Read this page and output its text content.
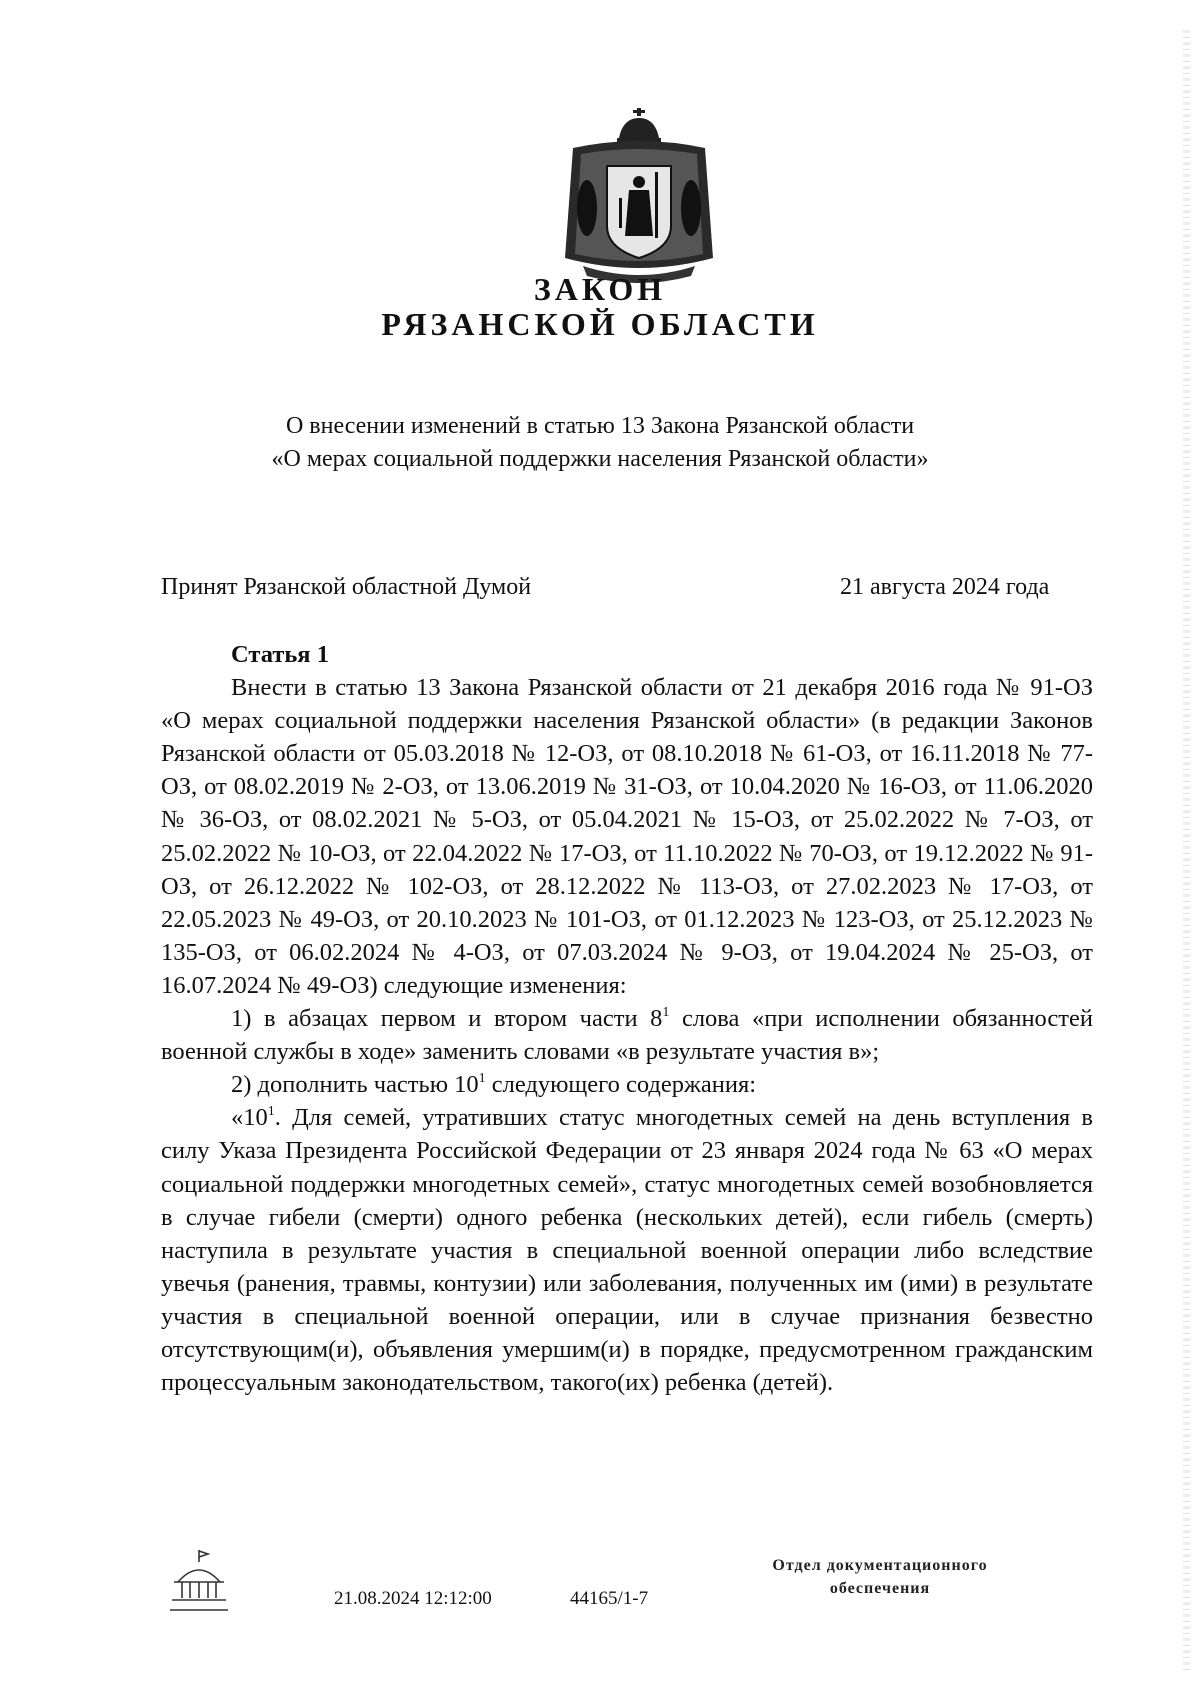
ЗАКОН
РЯЗАНСКОЙ ОБЛАСТИ
О внесении изменений в статью 13 Закона Рязанской области
«О мерах социальной поддержки населения Рязанской области»
Принят Рязанской областной Думой	21 августа 2024 года

Статья 1

Внести в статью 13 Закона Рязанской области от 21 декабря 2016 года № 91-ОЗ «О мерах социальной поддержки населения Рязанской области» (в редакции Законов Рязанской области от 05.03.2018 № 12-ОЗ, от 08.10.2018 № 61-ОЗ, от 16.11.2018 № 77-ОЗ, от 08.02.2019 № 2-ОЗ, от 13.06.2019 № 31-ОЗ, от 10.04.2020 № 16-ОЗ, от 11.06.2020 № 36-ОЗ, от 08.02.2021 № 5-ОЗ, от 05.04.2021 № 15-ОЗ, от 25.02.2022 № 7-ОЗ, от 25.02.2022 № 10-ОЗ, от 22.04.2022 № 17-ОЗ, от 11.10.2022 № 70-ОЗ, от 19.12.2022 № 91-ОЗ, от 26.12.2022 № 102-ОЗ, от 28.12.2022 № 113-ОЗ, от 27.02.2023 № 17-ОЗ, от 22.05.2023 № 49-ОЗ, от 20.10.2023 № 101-ОЗ, от 01.12.2023 № 123-ОЗ, от 25.12.2023 № 135-ОЗ, от 06.02.2024 № 4-ОЗ, от 07.03.2024 № 9-ОЗ, от 19.04.2024 № 25-ОЗ, от 16.07.2024 № 49-ОЗ) следующие изменения:

1) в абзацах первом и втором части $8^1$ слова «при исполнении обязанностей военной службы в ходе» заменить словами «в результате участия в»;

2) дополнить частью $10^1$ следующего содержания:

«$10^1$. Для семей, утративших статус многодетных семей на день вступления в силу Указа Президента Российской Федерации от 23 января 2024 года № 63 «О мерах социальной поддержки многодетных семей», статус многодетных семей возобновляется в случае гибели (смерти) одного ребенка (нескольких детей), если гибель (смерть) наступила в результате участия в специальной военной операции либо вследствие увечья (ранения, травмы, контузии) или заболевания, полученных им (ими) в результате участия в специальной военной операции, или в случае признания безвестно отсутствующим(и), объявления умершим(и) в порядке, предусмотренном гражданским процессуальным законодательством, такого(их) ребенка (детей).

21.08.2024 12:12:00	44165/1-7
Отдел документационного
обеспечения
